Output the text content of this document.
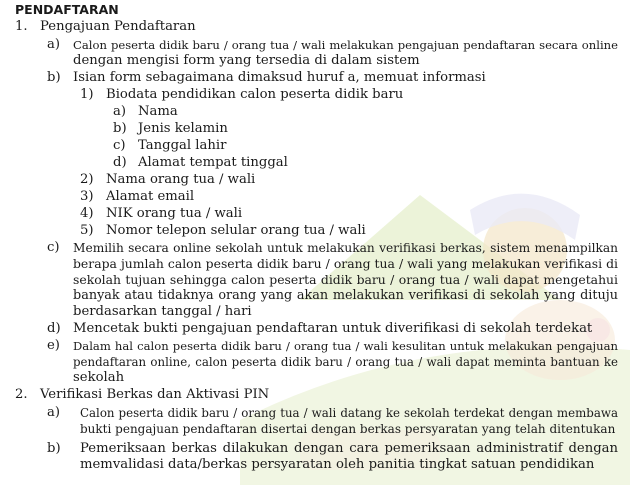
PENDAFTARAN
1. Pengajuan Pendaftaran
a) Calon peserta didik baru / orang tua / wali melakukan pengajuan pendaftaran secara online
dengan mengisi form yang tersedia di dalam sistem
b) Isian form sebagaimana dimaksud huruf a, memuat informasi
1) Biodata pendidikan calon peserta didik baru
a) Nama
b) Jenis kelamin
c) Tanggal lahir
d) Alamat tempat tinggal
2) Nama orang tua / wali
3) Alamat email
4) NIK orang tua / wali
5) Nomor telepon selular orang tua / wali
c) Memilih secara online sekolah untuk melakukan verifikasi berkas, sistem menampilkan
berapa jumlah calon peserta didik baru / orang tua / wali yang melakukan verifikasi di
sekolah tujuan sehingga calon peserta didik baru / orang tua / wali dapat mengetahui
banyak atau tidaknya orang yang akan melakukan verifikasi di sekolah yang dituju
berdasarkan tanggal / hari
d) Mencetak bukti pengajuan pendaftaran untuk diverifikasi di sekolah terdekat
e) Dalam hal calon peserta didik baru / orang tua / wali kesulitan untuk melakukan pengajuan
pendaftaran online, calon peserta didik baru / orang tua / wali dapat meminta bantuan ke
sekolah
2. Verifikasi Berkas dan Aktivasi PIN
a) Calon peserta didik baru / orang tua / wali datang ke sekolah terdekat dengan membawa
bukti pengajuan pendaftaran disertai dengan berkas persyaratan yang telah ditentukan
b) Pemeriksaan berkas dilakukan dengan cara pemeriksaan administratif dengan
memvalidasi data/berkas persyaratan oleh panitia tingkat satuan pendidikan
